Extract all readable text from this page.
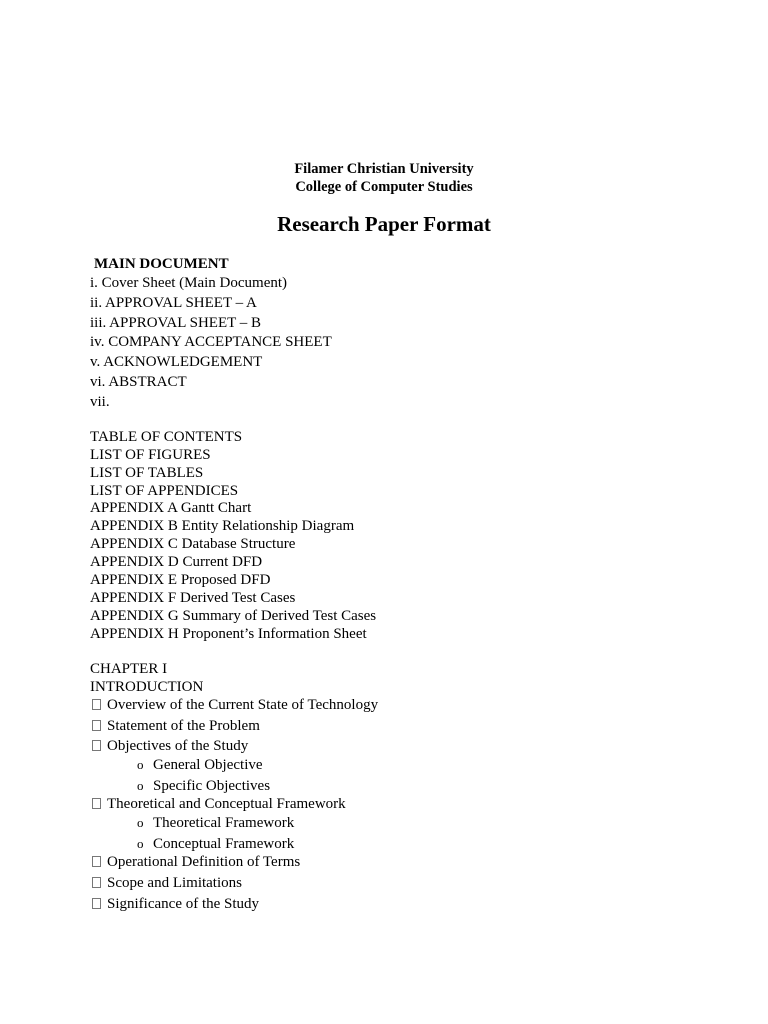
Filamer Christian University
College of Computer Studies
Research Paper Format
MAIN DOCUMENT
i. Cover Sheet (Main Document)
ii. APPROVAL SHEET – A
iii. APPROVAL SHEET – B
iv. COMPANY ACCEPTANCE SHEET
v. ACKNOWLEDGEMENT
vi. ABSTRACT
vii.
TABLE OF CONTENTS
LIST OF FIGURES
LIST OF TABLES
LIST OF APPENDICES
APPENDIX A Gantt Chart
APPENDIX B Entity Relationship Diagram
APPENDIX C Database Structure
APPENDIX D Current DFD
APPENDIX E Proposed DFD
APPENDIX F Derived Test Cases
APPENDIX G Summary of Derived Test Cases
APPENDIX H Proponent’s Information Sheet
CHAPTER I
INTRODUCTION
Overview of the Current State of Technology
Statement of the Problem
Objectives of the Study
o General Objective
o Specific Objectives
Theoretical and Conceptual Framework
o Theoretical Framework
o Conceptual Framework
Operational Definition of Terms
Scope and Limitations
Significance of the Study
